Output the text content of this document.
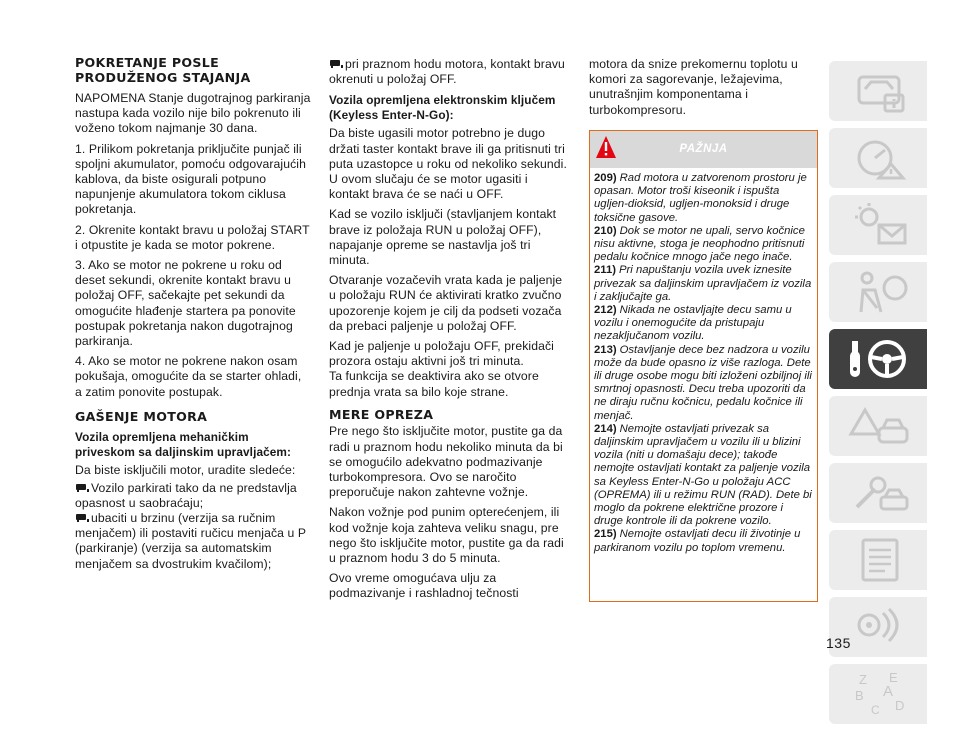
POKRETANJE POSLE
PRODUŽENOG STAJANJA

NAPOMENA Stanje dugotrajnog parkiranja nastupa kada vozilo nije bilo pokrenuto ili voženo tokom najmanje 30 dana.

1. Prilikom pokretanja priključite punjač ili spoljni akumulator, pomoću odgovarajućih kablova, da biste osigurali potpuno napunjenje akumulatora tokom ciklusa pokretanja.

2. Okrenite kontakt bravu u položaj START i otpustite je kada se motor pokrene.

3. Ako se motor ne pokrene u roku od deset sekundi, okrenite kontakt bravu u položaj OFF, sačekajte pet sekundi da omogućite hlađenje startera pa ponovite postupak pokretanja nakon dugotrajnog parkiranja.

4. Ako se motor ne pokrene nakon osam pokušaja, omogućite da se starter ohladi, a zatim ponovite postupak.

GAŠENJE MOTORA
Vozila opremljena mehaničkim priveskom sa daljinskim upravljačem:

Da biste isključili motor, uradite sledeće:

Vozilo parkirati tako da ne predstavlja opasnost u saobraćaju;
ubaciti u brzinu (verzija sa ručnim menjačem) ili postaviti ručicu menjača u P (parkiranje) (verzija sa automatskim menjačem sa dvostrukim kvačilom);

pri praznom hodu motora, kontakt bravu okrenuti u položaj OFF.

Vozila opremljena elektronskim ključem (Keyless Enter-N-Go):

Da biste ugasili motor potrebno je dugo držati taster kontakt brave ili ga pritisnuti tri puta uzastopce u roku od nekoliko sekundi. U ovom slučaju će se motor ugasiti i kontakt brava će se naći u OFF.

Kad se vozilo isključi (stavljanjem kontakt brave iz položaja RUN u položaj OFF), napajanje opreme se nastavlja još tri minuta.

Otvaranje vozačevih vrata kada je paljenje u položaju RUN će aktivirati kratko zvučno upozorenje kojem je cilj da podseti vozača da prebaci paljenje u položaj OFF.

Kad je paljenje u položaju OFF, prekidači prozora ostaju aktivni još tri minuta.

Ta funkcija se deaktivira ako se otvore prednja vrata sa bilo koje strane.

MERE OPREZA

Pre nego što isključite motor, pustite ga da radi u praznom hodu nekoliko minuta da bi se omogućilo adekvatno podmazivanje turbokompresora. Ovo se naročito preporučuje nakon zahtevne vožnje.

Nakon vožnje pod punim opterećenjem, ili kod vožnje koja zahteva veliku snagu, pre nego što isključite motor, pustite ga da radi u praznom hodu 3 do 5 minuta.

Ovo vreme omogućava ulju za podmazivanje i rashladnoj tečnosti

motora da snize prekomernu toplotu u komori za sagorevanje, ležajevima, unutrašnjim komponentama i turbokompresoru.

PAŽNJA
209) Rad motora u zatvorenom prostoru je opasan. Motor troši kiseonik i ispušta ugljen-dioksid, ugljen-monoksid i druge toksične gasove.
210) Dok se motor ne upali, servo kočnice nisu aktivne, stoga je neophodno pritisnuti pedalu kočnice mnogo jače nego inače.
211) Pri napuštanju vozila uvek iznesite privezak sa daljinskim upravljačem iz vozila i zaključajte ga.
212) Nikada ne ostavljajte decu samu u vozilu i onemogućite da pristupaju nezaključanom vozilu.
213) Ostavljanje dece bez nadzora u vozilu može da bude opasno iz više razloga. Dete ili druge osobe mogu biti izloženi ozbiljnoj ili smrtnoj opasnosti. Decu treba upozoriti da ne diraju ručnu kočnicu, pedalu kočnice ili menjač.
214) Nemojte ostavljati privezak sa daljinskim upravljačem u vozilu ili u blizini vozila (niti u domašaju dece); takođe nemojte ostavljati kontakt za paljenje vozila sa Keyless Enter-N-Go u položaju ACC (OPREMA) ili u režimu RUN (RAD). Dete bi moglo da pokrene električne prozore i druge kontrole ili da pokrene vozilo.
215) Nemojte ostavljati decu ili životinje u parkiranom vozilu po toplom vremenu.
Z E
B A
C D
135
